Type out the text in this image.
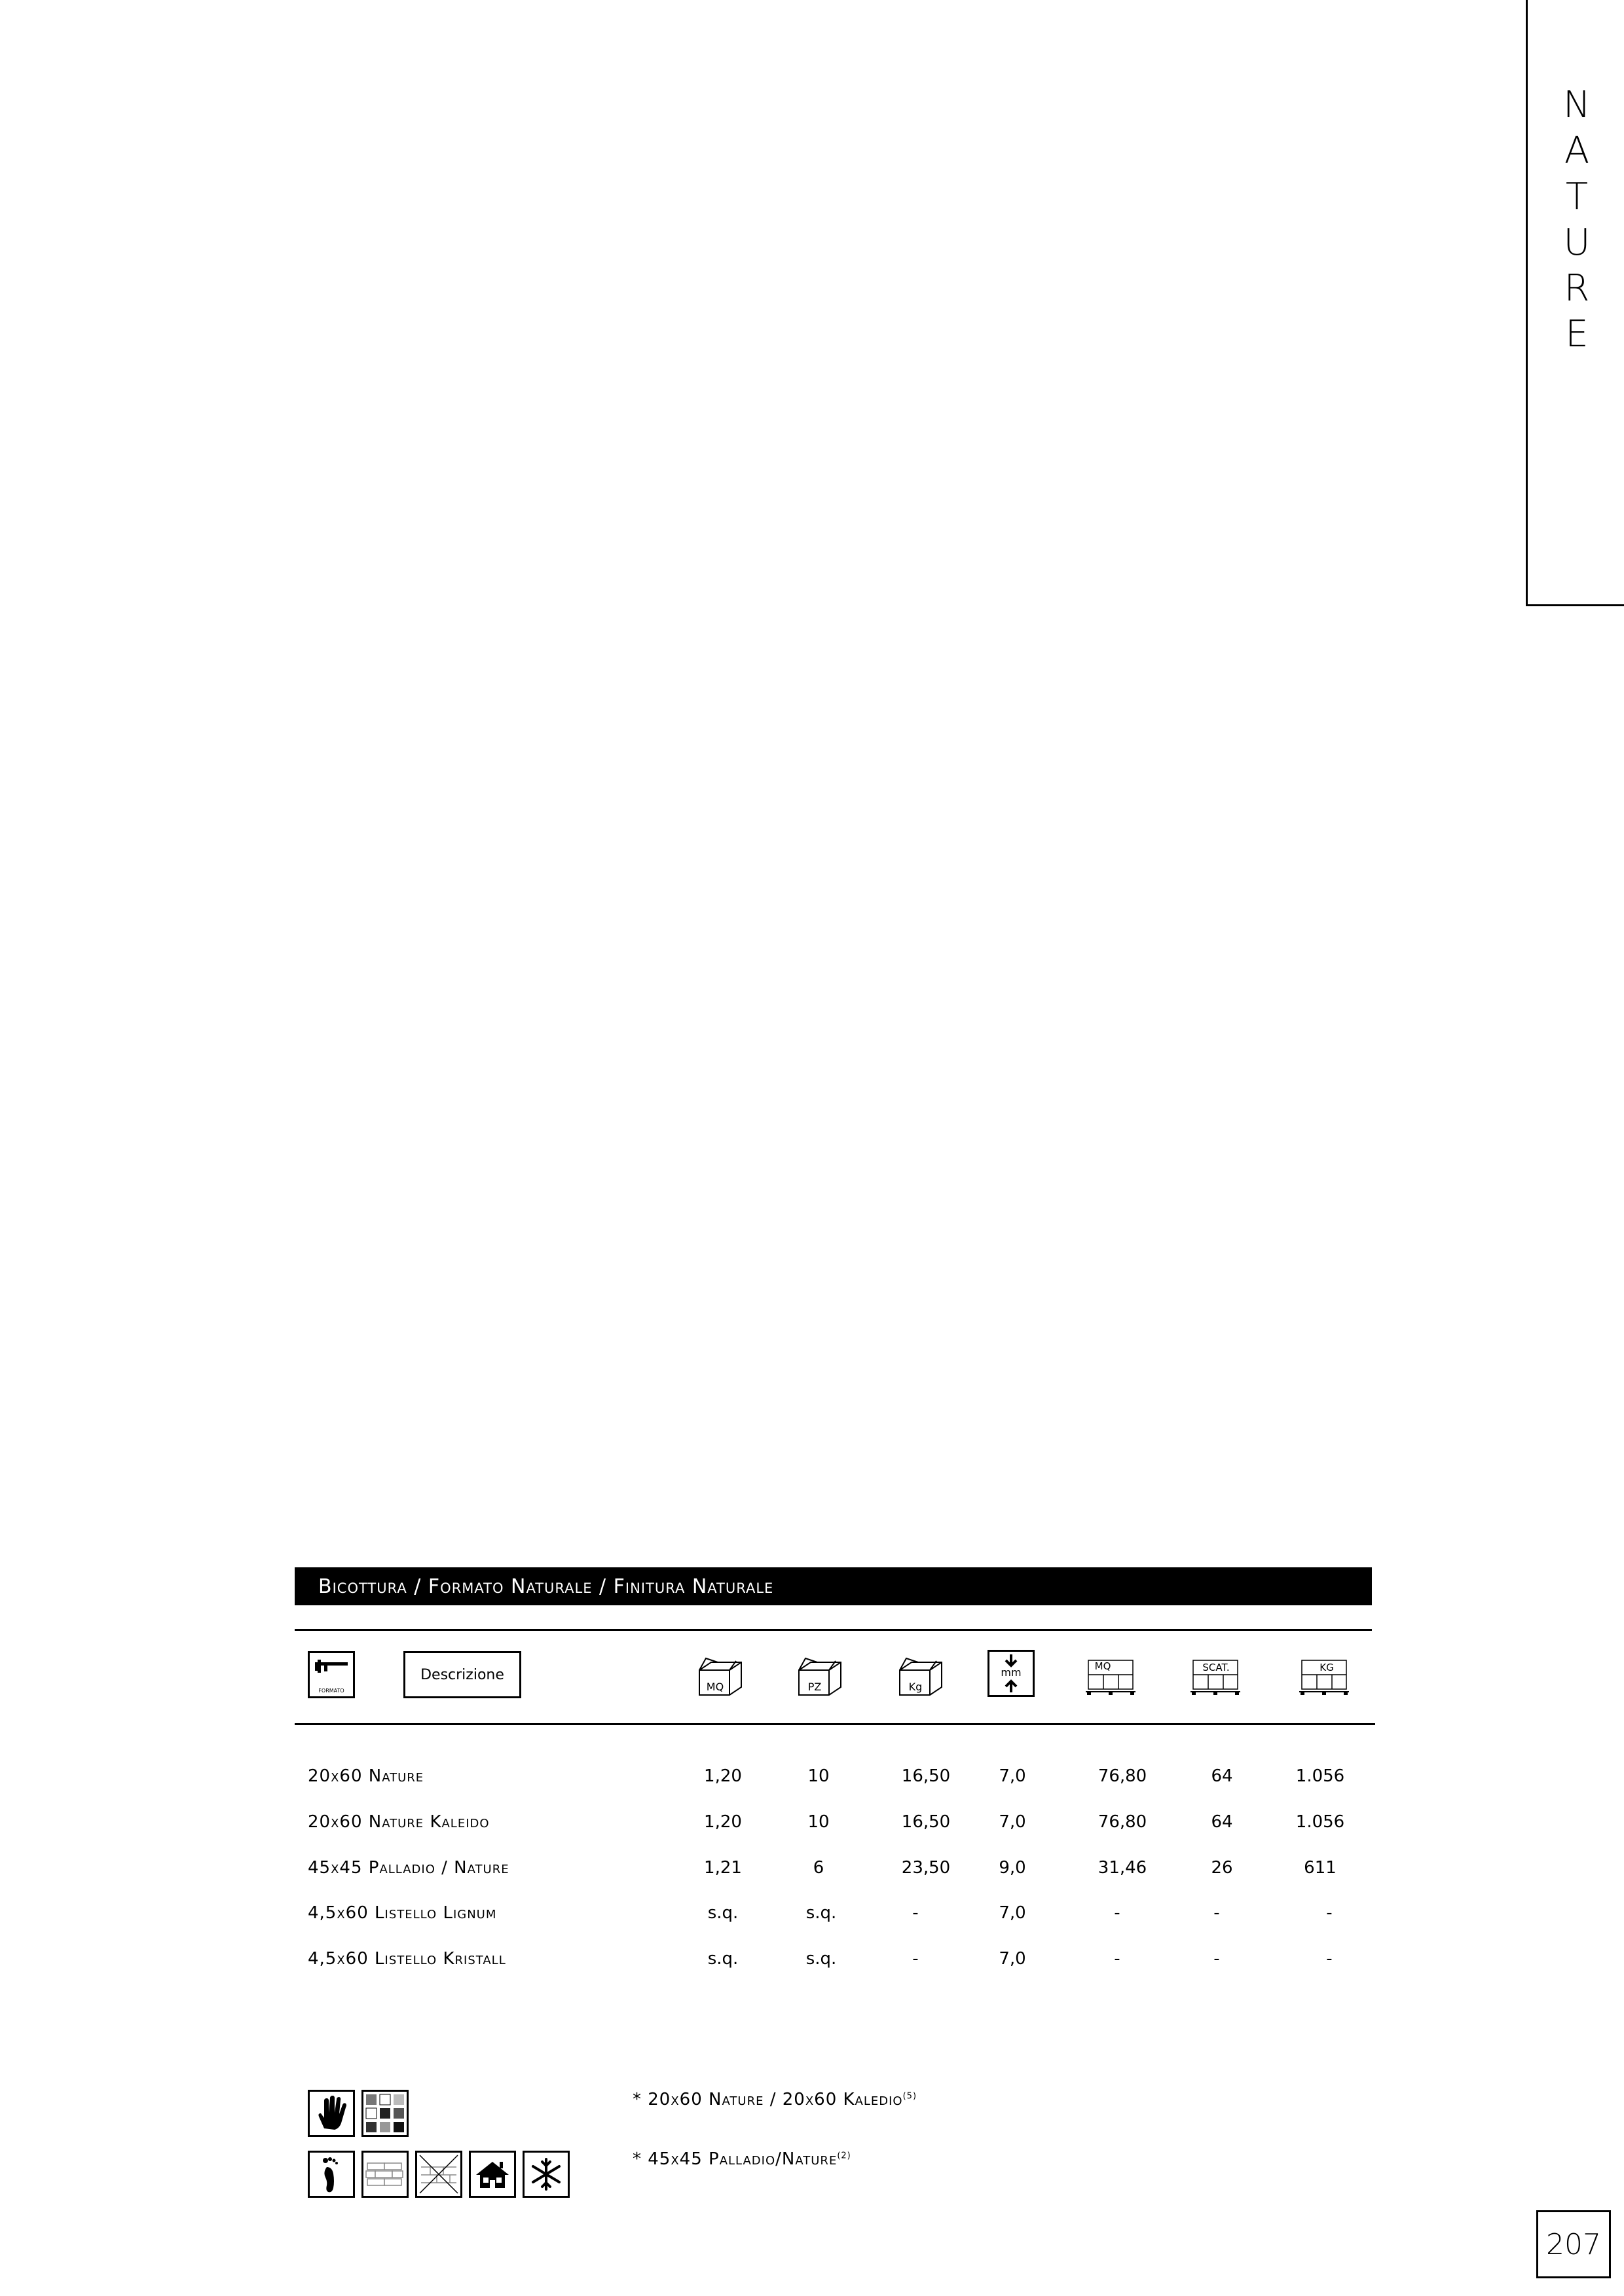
N
A
T
U
R
E
Bicottura / Formato Naturale / Finitura Naturale
FORMATO
Descrizione
MQ	PZ	Kg
mm	MQ	SCAT.	KG
20x60 Nature	1,20	10	16,50	7,0	76,80	64	1.056
20x60 Nature Kaleido	1,20	10	16,50	7,0	76,80	64	1.056
45x45 Palladio / Nature	1,21	6	23,50	9,0	31,46	26	611
4,5x60 Listello Lignum	s.q.	s.q.	-	7,0	-	-	-
4,5x60 Listello Kristall	s.q.	s.q.	-	7,0	-	-	-
* 20x60 Nature / 20x60 Kaledio$^{(5)}$
* 45x45 Palladio/Nature$^{(2)}$
207
